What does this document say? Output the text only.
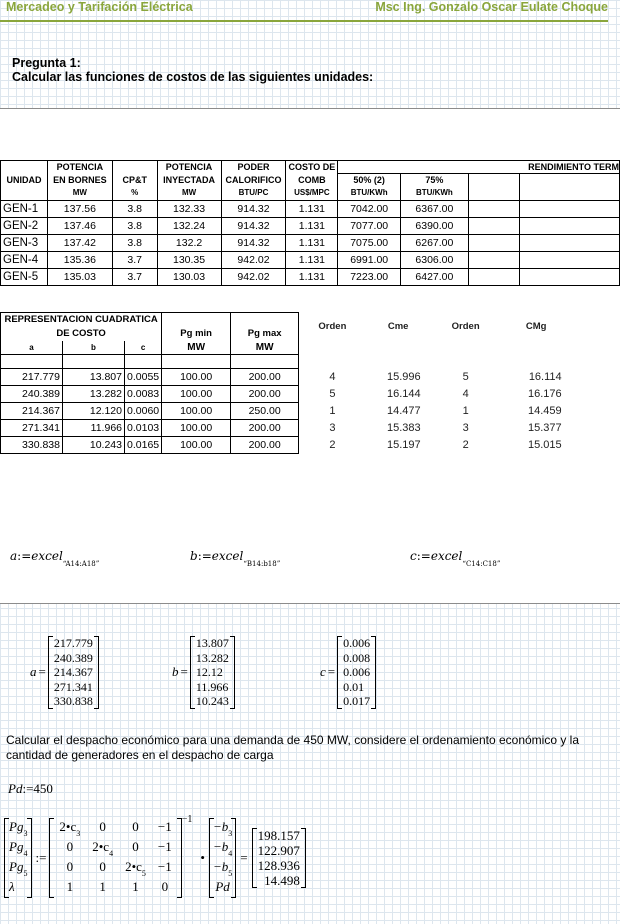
Mercadeo y Tarifación Eléctrica	Msc Ing. Gonzalo Oscar Eulate Choque
Pregunta 1:
Calcular las funciones de costos de las siguientes unidades:
	POTENCIA		POTENCIA	PODER	COSTO DE	RENDIMIENTO TERM			
UNIDAD	EN BORNES	CP&T	INYECTADA	CALORIFICO	COMB	50% (2)	75%		
	MW	%	MW	BTU/PC	US$/MPC	BTU/KWh	BTU/KWh		
GEN-1	137.56	3.8	132.33	914.32	1.131	7042.00	6367.00		
GEN-2	137.46	3.8	132.24	914.32	1.131	7077.00	6390.00		
GEN-3	137.42	3.8	132.2	914.32	1.131	7075.00	6267.00		
GEN-4	135.36	3.7	130.35	942.02	1.131	6991.00	6306.00		
GEN-5	135.03	3.7	130.03	942.02	1.131	7223.00	6427.00		
REPRESENTACION CUADRATICA			Pg min	Pg max	Orden	Cme	Orden	CMg
DE COSTO								
a	b	c	MW	MW				

217.779	13.807	0.0055	100.00	200.00	4	15.996	5	16.114
240.389	13.282	0.0083	100.00	200.00	5	16.144	4	16.176
214.367	12.120	0.0060	100.00	250.00	1	14.477	1	14.459
271.341	11.966	0.0103	100.00	200.00	3	15.383	3	15.377
330.838	10.243	0.0165	100.00	200.00	2	15.197	2	15.015
a:=excel$_{“A14:A18”}$
b:=excel$_{“B14:b18”}$
c:=excel$_{“C14:C18”}$
a =
217.779
240.389
214.367
271.341
330.838
b =
13.807
13.282
12.12
11.966
10.243
c =
0.006
0.008
0.006
0.01
0.017
Calcular el despacho económico para una demanda de 450 MW, considere el ordenamiento económico y la cantidad de generadores en el despacho de carga
Pd:=450
$Pg_3$
$Pg_4$
$Pg_5$
λ
:=
$2•c_3$	0	0	−1
0	$2•c_4$	0	−1
0	0	$2•c_5$	−1
1	1	1	0
−1
•
$-b_3$
$-b_4$
$-b_5$
Pd
=
198.157
122.907
128.936
14.498
